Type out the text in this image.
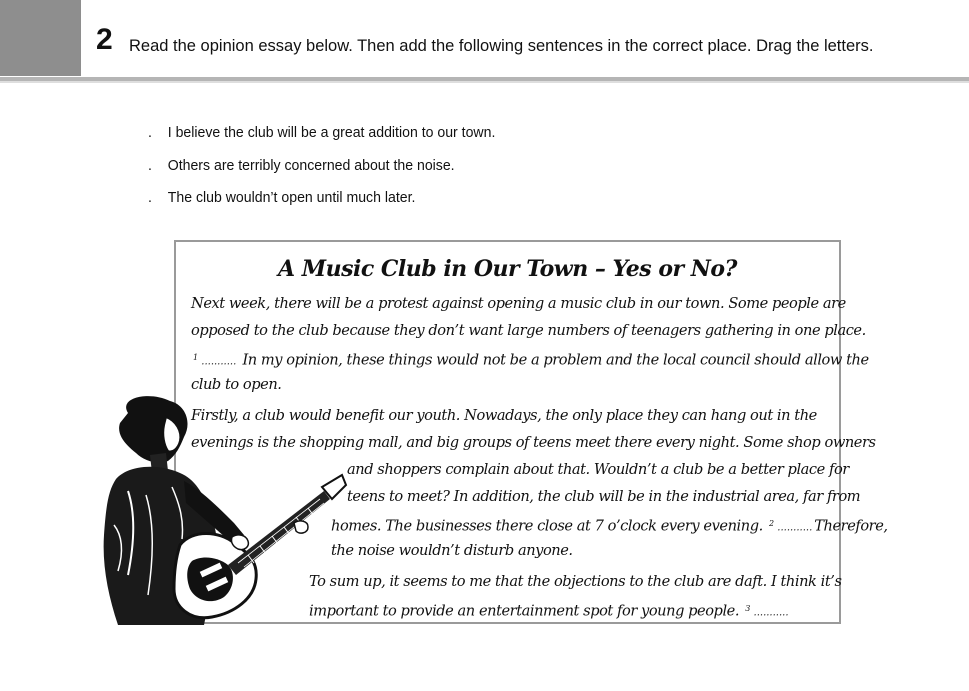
2 Read the opinion essay below. Then add the following sentences in the correct place. Drag the letters.
.	I believe the club will be a great addition to our town.
.	Others are terribly concerned about the noise.
.	The club wouldn’t open until much later.
A Music Club in Our Town – Yes or No?
Next week, there will be a protest against opening a music club in our town. Some people are
opposed to the club because they don’t want large numbers of teenagers gathering in one place.
$^1$ ........... In my opinion, these things would not be a problem and the local council should allow the
club to open.
Firstly, a club would benefit our youth. Nowadays, the only place they can hang out in the
evenings is the shopping mall, and big groups of teens meet there every night. Some shop owners
and shoppers complain about that. Wouldn’t a club be a better place for
teens to meet? In addition, the club will be in the industrial area, far from
homes. The businesses there close at 7 o’clock every evening. $^2$ ........... Therefore,
the noise wouldn’t disturb anyone.
To sum up, it seems to me that the objections to the club are daft. I think it’s
important to provide an entertainment spot for young people. $^3$ ...........
